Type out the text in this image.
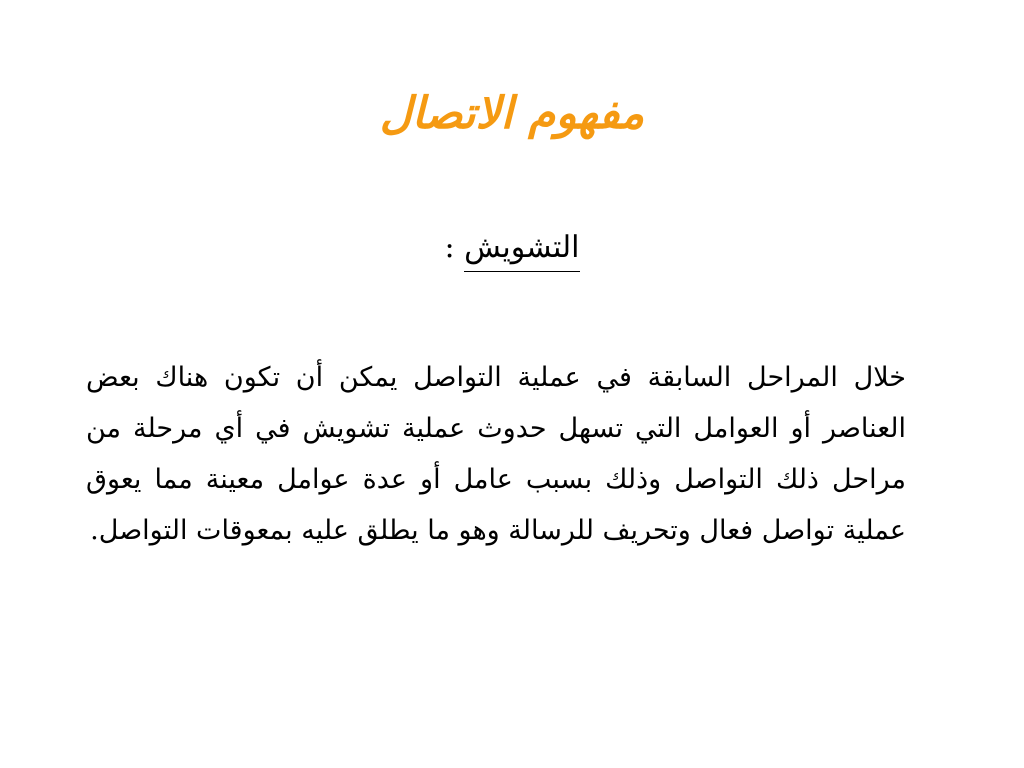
مفهوم الاتصال
التشويش :
خلال المراحل السابقة في عملية التواصل يمكن أن تكون هناك بعض العناصر أو العوامل التي تسهل حدوث عملية تشويش في أي مرحلة من مراحل ذلك التواصل وذلك بسبب عامل أو عدة عوامل معينة مما يعوق عملية تواصل فعال وتحريف للرسالة وهو ما يطلق عليه بمعوقات التواصل.
